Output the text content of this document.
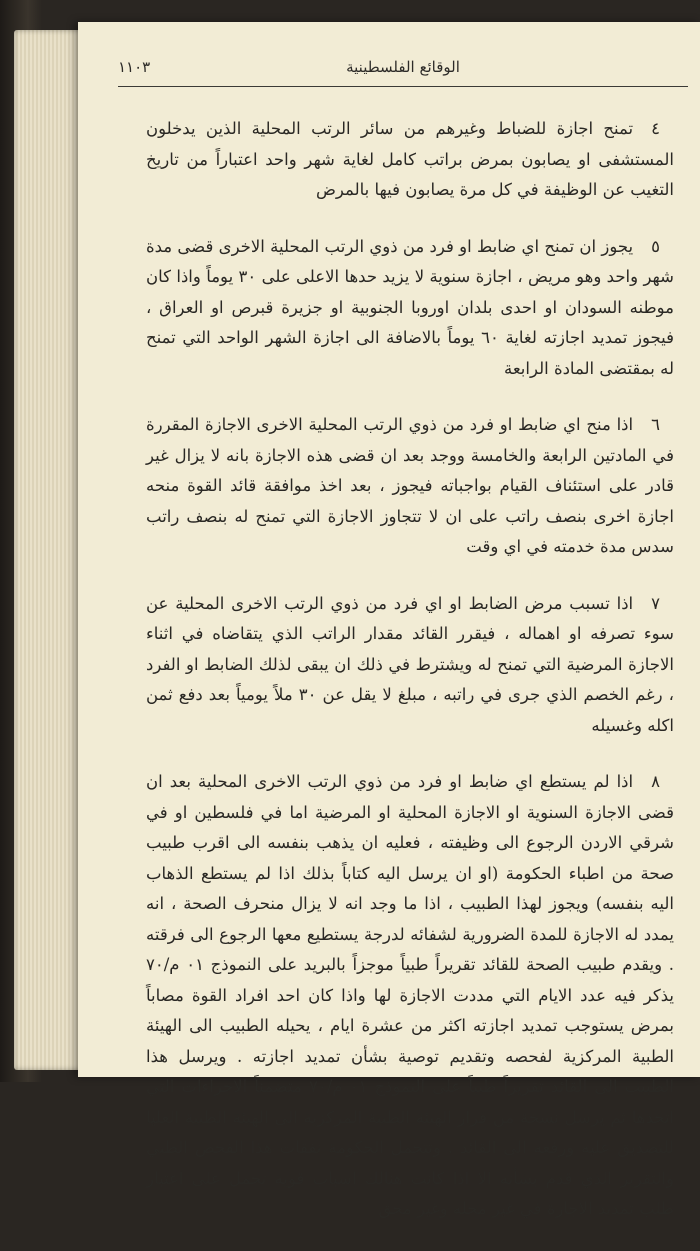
١١٠٣	الوقائع الفلسطينية

٤تمنح اجازة للضباط وغيرهم من سائر الرتب المحلية الذين يدخلون المستشفى او يصابون بمرض براتب كامل لغاية شهر واحد اعتباراً من تاريخ التغيب عن الوظيفة في كل مرة يصابون فيها بالمرض

٥يجوز ان تمنح اي ضابط او فرد من ذوي الرتب المحلية الاخرى قضى مدة شهر واحد وهو مريض ، اجازة سنوية لا يزيد حدها الاعلى على ٣٠ يوماً واذا كان موطنه السودان او احدى بلدان اوروبا الجنوبية او جزيرة قبرص او العراق ، فيجوز تمديد اجازته لغاية ٦٠ يوماً بالاضافة الى اجازة الشهر الواحد التي تمنح له بمقتضى المادة الرابعة

٦اذا منح اي ضابط او فرد من ذوي الرتب المحلية الاخرى الاجازة المقررة في المادتين الرابعة والخامسة ووجد بعد ان قضى هذه الاجازة بانه لا يزال غير قادر على استئناف القيام بواجباته فيجوز ، بعد اخذ موافقة قائد القوة منحه اجازة اخرى بنصف راتب على ان لا تتجاوز الاجازة التي تمنح له بنصف راتب سدس مدة خدمته في اي وقت

٧اذا تسبب مرض الضابط او اي فرد من ذوي الرتب الاخرى المحلية عن سوء تصرفه او اهماله ، فيقرر القائد مقدار الراتب الذي يتقاضاه في اثناء الاجازة المرضية التي تمنح له ويشترط في ذلك ان يبقى لذلك الضابط او الفرد ، رغم الخصم الذي جرى في راتبه ، مبلغ لا يقل عن ٣٠ ملاً يومياً بعد دفع ثمن اكله وغسيله

٨اذا لم يستطع اي ضابط او فرد من ذوي الرتب الاخرى المحلية بعد ان قضى الاجازة السنوية او الاجازة المحلية او المرضية اما في فلسطين او في شرقي الاردن الرجوع الى وظيفته ، فعليه ان يذهب بنفسه الى اقرب طبيب صحة من اطباء الحكومة (او ان يرسل اليه كتاباً بذلك اذا لم يستطع الذهاب اليه بنفسه) ويجوز لهذا الطبيب ، اذا ما وجد انه لا يزال منحرف الصحة ، انه يمدد له الاجازة للمدة الضرورية لشفائه لدرجة يستطيع معها الرجوع الى فرقته . ويقدم طبيب الصحة للقائد تقريراً طبياً موجزاً بالبريد على النموذج ٠١ م/٧٠ يذكر فيه عدد الايام التي مددت الاجازة لها واذا كان احد افراد القوة مصاباً بمرض يستوجب تمديد اجازته اكثر من عشرة ايام ، يحيله الطبيب الى الهيئة الطبية المركزية لفحصه وتقديم توصية بشأن تمديد اجازته . ويرسل هذا الطبيب الى القائد تقريراً طبياً على النموذج ٠١ م/٧٠ متضمناً الاجراءات التي اتخذها ثم يرسل نسخة من قرار الهيئة الطبية المركزية الى الهيئة الطبية العليا للتصديق عليه ورفعه الى القائد . وتتحمل الحكومة نفقات هذا الفحص الطبي والتقرير الذي قدم بشأنه الا اذا كانت هنالك اسباب قوية تحمل على اعتبار طلب تمديد الاجازة في غير محله وغير محق
